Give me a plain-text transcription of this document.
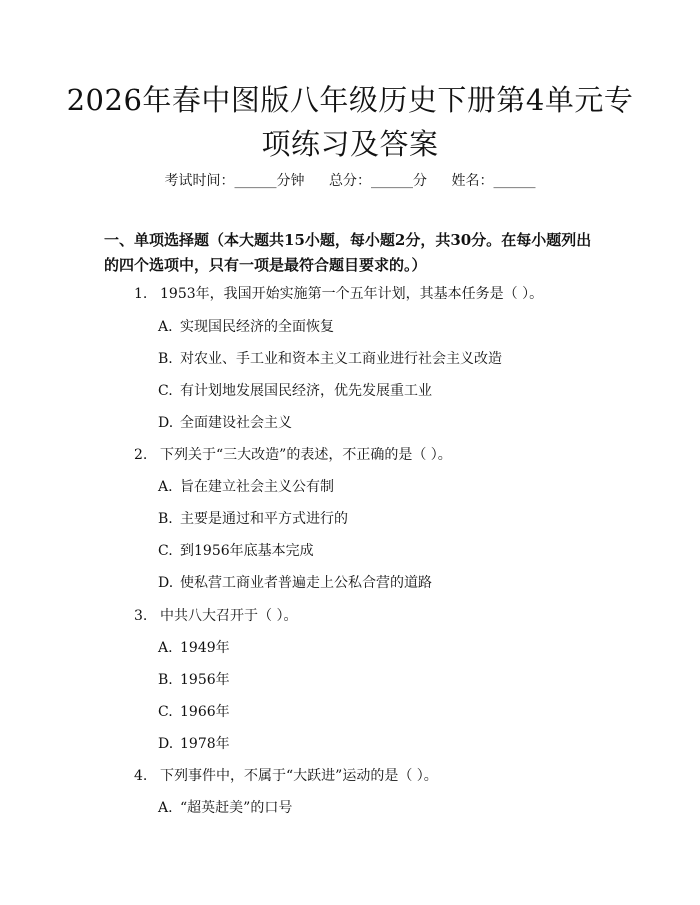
2026年春中图版八年级历史下册第4单元专
项练习及答案
考试时间：______分钟 总分：______分 姓名：______
一、单项选择题（本大题共15小题，每小题2分，共30分。在每小题列出的四个选项中，只有一项是最符合题目要求的。）
1. 1953年，我国开始实施第一个五年计划，其基本任务是（ ）。
A. 实现国民经济的全面恢复
B. 对农业、手工业和资本主义工商业进行社会主义改造
C. 有计划地发展国民经济，优先发展重工业
D. 全面建设社会主义
2. 下列关于“三大改造”的表述，不正确的是（ ）。
A. 旨在建立社会主义公有制
B. 主要是通过和平方式进行的
C. 到1956年底基本完成
D. 使私营工商业者普遍走上公私合营的道路
3. 中共八大召开于（ ）。
A. 1949年
B. 1956年
C. 1966年
D. 1978年
4. 下列事件中，不属于“大跃进”运动的是（ ）。
A. “超英赶美”的口号
